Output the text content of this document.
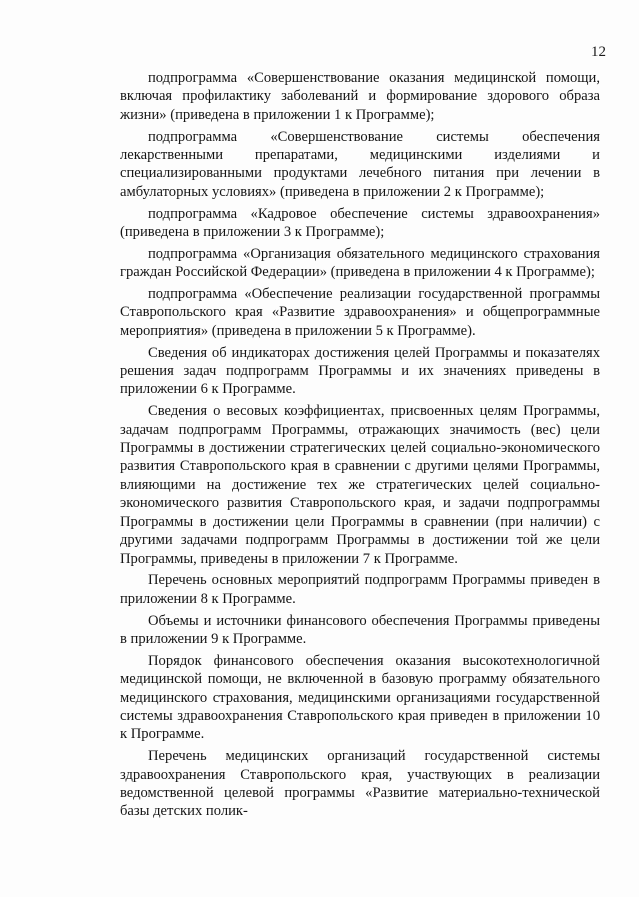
12

подпрограмма «Совершенствование оказания медицинской помощи, включая профилактику заболеваний и формирование здорового образа жизни» (приведена в приложении 1 к Программе);

подпрограмма «Совершенствование системы обеспечения лекарственными препаратами, медицинскими изделиями и специализированными продуктами лечебного питания при лечении в амбулаторных условиях» (приведена в приложении 2 к Программе);

подпрограмма «Кадровое обеспечение системы здравоохранения» (приведена в приложении 3 к Программе);

подпрограмма «Организация обязательного медицинского страхования граждан Российской Федерации» (приведена в приложении 4 к Программе);

подпрограмма «Обеспечение реализации государственной программы Ставропольского края «Развитие здравоохранения» и общепрограммные мероприятия» (приведена в приложении 5 к Программе).

Сведения об индикаторах достижения целей Программы и показателях решения задач подпрограмм Программы и их значениях приведены в приложении 6 к Программе.

Сведения о весовых коэффициентах, присвоенных целям Программы, задачам подпрограмм Программы, отражающих значимость (вес) цели Программы в достижении стратегических целей социально-экономического развития Ставропольского края в сравнении с другими целями Программы, влияющими на достижение тех же стратегических целей социально-экономического развития Ставропольского края, и задачи подпрограммы Программы в достижении цели Программы в сравнении (при наличии) с другими задачами подпрограмм Программы в достижении той же цели Программы, приведены в приложении 7 к Программе.

Перечень основных мероприятий подпрограмм Программы приведен в приложении 8 к Программе.

Объемы и источники финансового обеспечения Программы приведены в приложении 9 к Программе.

Порядок финансового обеспечения оказания высокотехнологичной медицинской помощи, не включенной в базовую программу обязательного медицинского страхования, медицинскими организациями государственной системы здравоохранения Ставропольского края приведен в приложении 10 к Программе.

Перечень медицинских организаций государственной системы здравоохранения Ставропольского края, участвующих в реализации ведомственной целевой программы «Развитие материально-технической базы детских полик-
